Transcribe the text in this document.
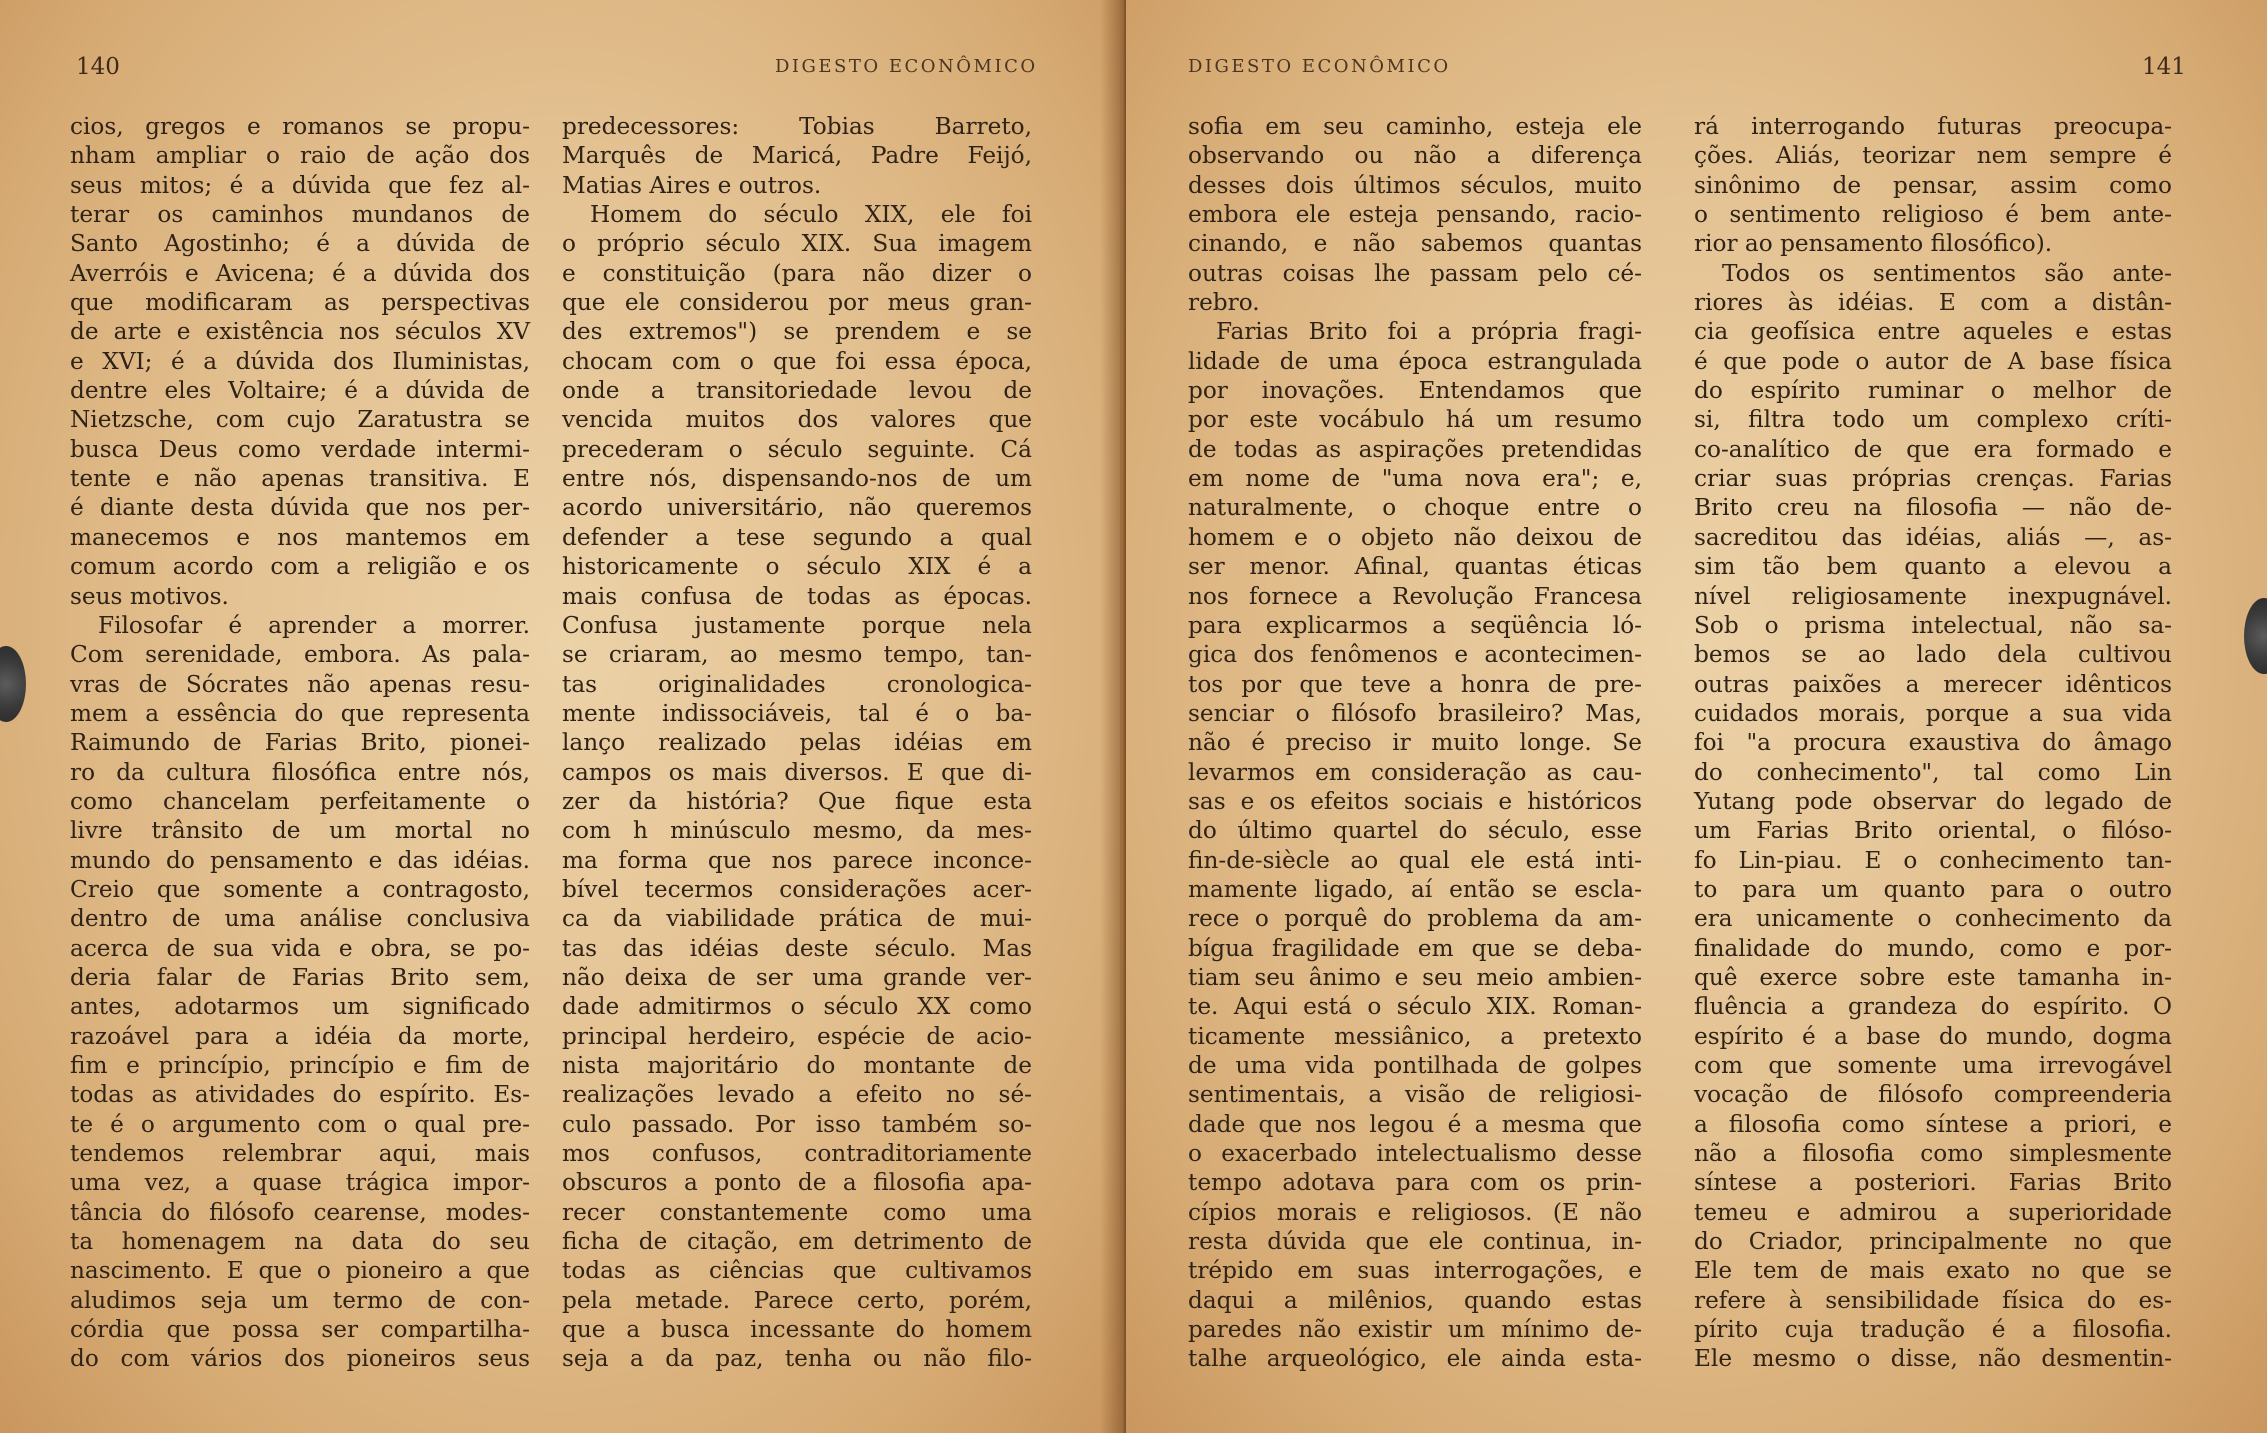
140	DIGESTO ECONÔMICO
cios, gregos e romanos se propu-
nham ampliar o raio de ação dos
seus mitos; é a dúvida que fez al-
terar os caminhos mundanos de
Santo Agostinho; é a dúvida de
Averróis e Avicena; é a dúvida dos
que modificaram as perspectivas
de arte e existência nos séculos XV
e XVI; é a dúvida dos Iluministas,
dentre eles Voltaire; é a dúvida de
Nietzsche, com cujo Zaratustra se
busca Deus como verdade intermi-
tente e não apenas transitiva. E
é diante desta dúvida que nos per-
manecemos e nos mantemos em
comum acordo com a religião e os
seus motivos.
Filosofar é aprender a morrer.
Com serenidade, embora. As pala-
vras de Sócrates não apenas resu-
mem a essência do que representa
Raimundo de Farias Brito, pionei-
ro da cultura filosófica entre nós,
como chancelam perfeitamente o
livre trânsito de um mortal no
mundo do pensamento e das idéias.
Creio que somente a contragosto,
dentro de uma análise conclusiva
acerca de sua vida e obra, se po-
deria falar de Farias Brito sem,
antes, adotarmos um significado
razoável para a idéia da morte,
fim e princípio, princípio e fim de
todas as atividades do espírito. Es-
te é o argumento com o qual pre-
tendemos relembrar aqui, mais
uma vez, a quase trágica impor-
tância do filósofo cearense, modes-
ta homenagem na data do seu
nascimento. E que o pioneiro a que
aludimos seja um termo de con-
córdia que possa ser compartilha-
do com vários dos pioneiros seus
predecessores: Tobias Barreto,
Marquês de Maricá, Padre Feijó,
Matias Aires e outros.
Homem do século XIX, ele foi
o próprio século XIX. Sua imagem
e constituição (para não dizer o
que ele considerou por meus gran-
des extremos") se prendem e se
chocam com o que foi essa época,
onde a transitoriedade levou de
vencida muitos dos valores que
precederam o século seguinte. Cá
entre nós, dispensando-nos de um
acordo universitário, não queremos
defender a tese segundo a qual
historicamente o século XIX é a
mais confusa de todas as épocas.
Confusa justamente porque nela
se criaram, ao mesmo tempo, tan-
tas originalidades cronologica-
mente indissociáveis, tal é o ba-
lanço realizado pelas idéias em
campos os mais diversos. E que di-
zer da história? Que fique esta
com h minúsculo mesmo, da mes-
ma forma que nos parece inconce-
bível tecermos considerações acer-
ca da viabilidade prática de mui-
tas das idéias deste século. Mas
não deixa de ser uma grande ver-
dade admitirmos o século XX como
principal herdeiro, espécie de acio-
nista majoritário do montante de
realizações levado a efeito no sé-
culo passado. Por isso também so-
mos confusos, contraditoriamente
obscuros a ponto de a filosofia apa-
recer constantemente como uma
ficha de citação, em detrimento de
todas as ciências que cultivamos
pela metade. Parece certo, porém,
que a busca incessante do homem
seja a da paz, tenha ou não filo-
DIGESTO ECONÔMICO	141
sofia em seu caminho, esteja ele
observando ou não a diferença
desses dois últimos séculos, muito
embora ele esteja pensando, racio-
cinando, e não sabemos quantas
outras coisas lhe passam pelo cé-
rebro.
Farias Brito foi a própria fragi-
lidade de uma época estrangulada
por inovações. Entendamos que
por este vocábulo há um resumo
de todas as aspirações pretendidas
em nome de "uma nova era"; e,
naturalmente, o choque entre o
homem e o objeto não deixou de
ser menor. Afinal, quantas éticas
nos fornece a Revolução Francesa
para explicarmos a seqüência ló-
gica dos fenômenos e acontecimen-
tos por que teve a honra de pre-
senciar o filósofo brasileiro? Mas,
não é preciso ir muito longe. Se
levarmos em consideração as cau-
sas e os efeitos sociais e históricos
do último quartel do século, esse
fin-de-siècle ao qual ele está inti-
mamente ligado, aí então se escla-
rece o porquê do problema da am-
bígua fragilidade em que se deba-
tiam seu ânimo e seu meio ambien-
te. Aqui está o século XIX. Roman-
ticamente messiânico, a pretexto
de uma vida pontilhada de golpes
sentimentais, a visão de religiosi-
dade que nos legou é a mesma que
o exacerbado intelectualismo desse
tempo adotava para com os prin-
cípios morais e religiosos. (E não
resta dúvida que ele continua, in-
trépido em suas interrogações, e
daqui a milênios, quando estas
paredes não existir um mínimo de-
talhe arqueológico, ele ainda esta-
rá interrogando futuras preocupa-
ções. Aliás, teorizar nem sempre é
sinônimo de pensar, assim como
o sentimento religioso é bem ante-
rior ao pensamento filosófico).
Todos os sentimentos são ante-
riores às idéias. E com a distân-
cia geofísica entre aqueles e estas
é que pode o autor de A base física
do espírito ruminar o melhor de
si, filtra todo um complexo críti-
co-analítico de que era formado e
criar suas próprias crenças. Farias
Brito creu na filosofia — não de-
sacreditou das idéias, aliás —, as-
sim tão bem quanto a elevou a
nível religiosamente inexpugnável.
Sob o prisma intelectual, não sa-
bemos se ao lado dela cultivou
outras paixões a merecer idênticos
cuidados morais, porque a sua vida
foi "a procura exaustiva do âmago
do conhecimento", tal como Lin
Yutang pode observar do legado de
um Farias Brito oriental, o filóso-
fo Lin-piau. E o conhecimento tan-
to para um quanto para o outro
era unicamente o conhecimento da
finalidade do mundo, como e por-
quê exerce sobre este tamanha in-
fluência a grandeza do espírito. O
espírito é a base do mundo, dogma
com que somente uma irrevogável
vocação de filósofo compreenderia
a filosofia como síntese a priori, e
não a filosofia como simplesmente
síntese a posteriori. Farias Brito
temeu e admirou a superioridade
do Criador, principalmente no que
Ele tem de mais exato no que se
refere à sensibilidade física do es-
pírito cuja tradução é a filosofia.
Ele mesmo o disse, não desmentin-
